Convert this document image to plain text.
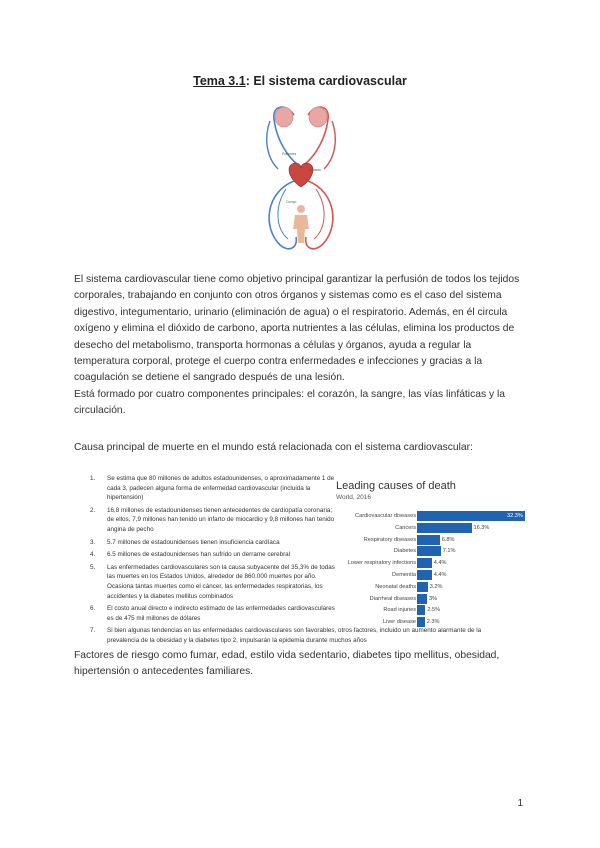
Tema 3.1: El sistema cardiovascular
Pulmones
Corazón
Cuerpo
El sistema cardiovascular tiene como objetivo principal garantizar la perfusión de todos los tejidos corporales, trabajando en conjunto con otros órganos y sistemas como es el caso del sistema digestivo, integumentario, urinario (eliminación de agua) o el respiratorio. Además, en él circula oxígeno y elimina el dióxido de carbono, aporta nutrientes a las células, elimina los productos de desecho del metabolismo, transporta hormonas a células y órganos, ayuda a regular la temperatura corporal, protege el cuerpo contra enfermedades e infecciones y gracias a la coagulación se detiene el sangrado después de una lesión.
Está formado por cuatro componentes principales: el corazón, la sangre, las vías linfáticas y la circulación.
Causa principal de muerte en el mundo está relacionada con el sistema cardiovascular:
1. Se estima que 80 millones de adultos estadounidenses, o aproximadamente 1 de cada 3, padecen alguna forma de enfermedad cardiovascular (incluida la hipertensión)
2. 16,8 millones de estadounidenses tienen antecedentes de cardiopatía coronaria; de ellos, 7,9 millones han tenido un infarto de miocardio y 9,8 millones han tenido angina de pecho
3. 5.7 millones de estadounidenses tienen insuficiencia cardíaca
4. 6.5 millones de estadounidenses han sufrido un derrame cerebral
5. Las enfermedades cardiovasculares son la causa subyacente del 35,3% de todas las muertes en los Estados Unidos, alrededor de 860.000 muertes por año. Ocasiona tantas muertes como el cáncer, las enfermedades respiratorias, los accidentes y la diabetes mellitus combinados
6. El costo anual directo e indirecto estimado de las enfermedades cardiovasculares es de 475 mil millones de dólares
7. Si bien algunas tendencias en las enfermedades cardiovasculares son favorables, otros factores, incluido un aumento alarmante de la prevalencia de la obesidad y la diabetes tipo 2, impulsarán la epidemia durante muchos años
Leading causes of death
World, 2016
Cardiovascular diseases	32.3%
Cancers	16.3%
Respiratory diseases	6.8%
Diabetes	7.1%
Lower respiratory infections	4.4%
Dementia	4.4%
Neonatal deaths 3.2%
Diarrheal diseases 3%
Road injuries 2.5%
Liver disease 2.3%
Factores de riesgo como fumar, edad, estilo vida sedentario, diabetes tipo mellitus, obesidad, hipertensión o antecedentes familiares.
1
